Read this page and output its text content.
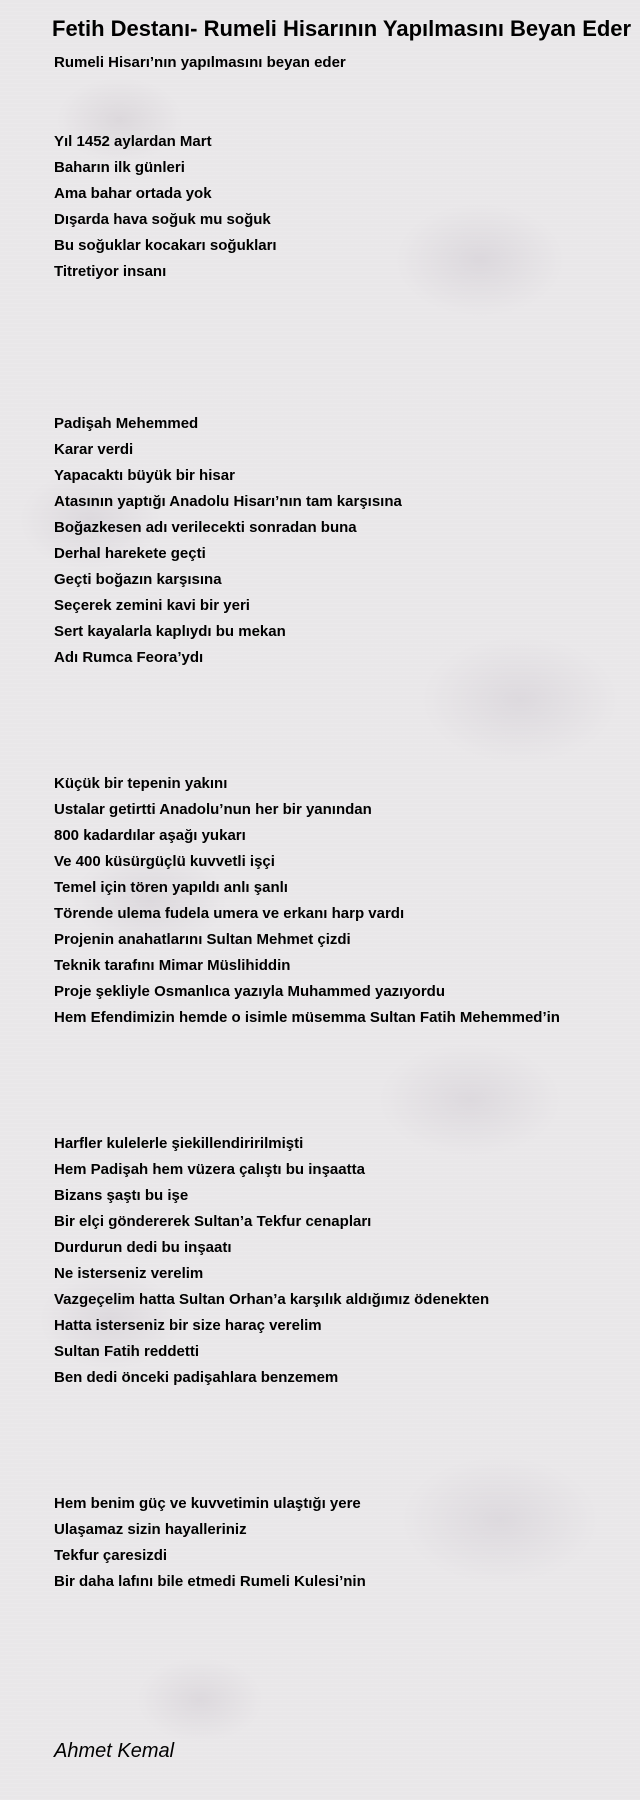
Fetih Destanı- Rumeli Hisarının Yapılmasını Beyan Eder

Rumeli Hisarı’nın yapılmasını beyan eder

Yıl 1452 aylardan Mart
Baharın ilk günleri
Ama bahar ortada yok
Dışarda hava soğuk mu soğuk
Bu soğuklar kocakarı soğukları
Titretiyor insanı
Padişah Mehemmed
Karar verdi
Yapacaktı büyük bir hisar
Atasının yaptığı Anadolu Hisarı’nın tam karşısına
Boğazkesen adı verilecekti sonradan buna
Derhal harekete geçti
Geçti boğazın karşısına
Seçerek zemini kavi bir yeri
Sert kayalarla kaplıydı bu mekan
Adı Rumca Feora’ydı
Küçük bir tepenin yakını
Ustalar getirtti Anadolu’nun her bir yanından
800 kadardılar aşağı yukarı
Ve 400 küsürgüçlü kuvvetli işçi
Temel için tören yapıldı anlı şanlı
Törende ulema fudela umera ve erkanı harp vardı
Projenin anahatlarını Sultan Mehmet çizdi
Teknik tarafını Mimar Müslihiddin
Proje şekliyle Osmanlıca yazıyla Muhammed yazıyordu
Hem Efendimizin hemde o isimle müsemma Sultan Fatih Mehemmed’in
Harfler kulelerle şiekillendiririlmişti
Hem Padişah hem vüzera çalıştı bu inşaatta
Bizans şaştı bu işe
Bir elçi göndererek Sultan’a Tekfur cenapları
Durdurun dedi bu inşaatı
Ne isterseniz verelim
Vazgeçelim hatta Sultan Orhan’a karşılık aldığımız ödenekten
Hatta isterseniz bir size haraç verelim
Sultan Fatih reddetti
Ben dedi önceki padişahlara benzemem
Hem benim güç ve kuvvetimin ulaştığı yere
Ulaşamaz sizin hayalleriniz
Tekfur çaresizdi
Bir daha lafını bile etmedi Rumeli Kulesi’nin
Ahmet Kemal
